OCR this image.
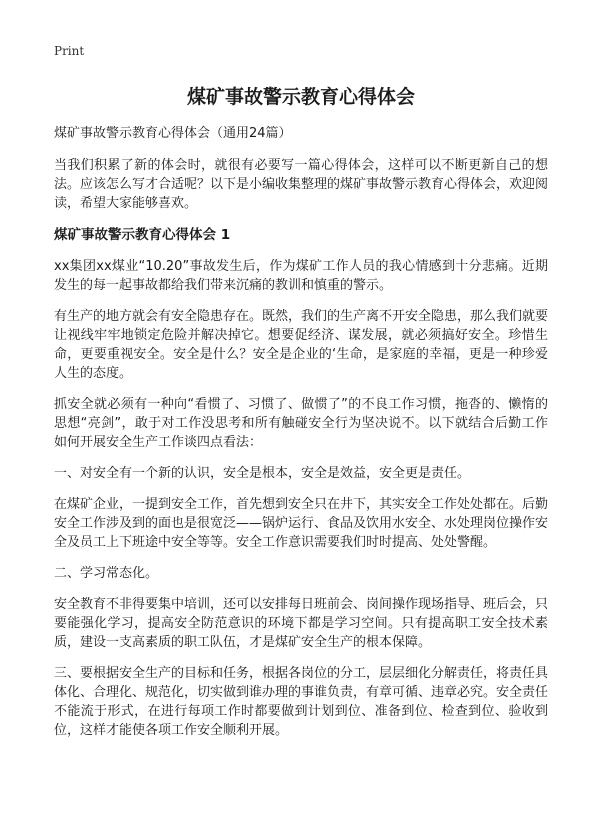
Print
煤矿事故警示教育心得体会
煤矿事故警示教育心得体会（通用24篇）

当我们积累了新的体会时，就很有必要写一篇心得体会，这样可以不断更新自己的想法。应该怎么写才合适呢？以下是小编收集整理的煤矿事故警示教育心得体会，欢迎阅读，希望大家能够喜欢。

煤矿事故警示教育心得体会 1

xx集团xx煤业“10.20”事故发生后，作为煤矿工作人员的我心情感到十分悲痛。近期发生的每一起事故都给我们带来沉痛的教训和慎重的警示。

有生产的地方就会有安全隐患存在。既然，我们的生产离不开安全隐患，那么我们就要让视线牢牢地锁定危险并解决掉它。想要促经济、谋发展，就必须搞好安全。珍惜生命，更要重视安全。安全是什么？安全是企业的‘生命，是家庭的幸福，更是一种珍爱人生的态度。

抓安全就必须有一种向“看惯了、习惯了、做惯了”的不良工作习惯，拖沓的、懒惰的思想“亮剑”，敢于对工作没思考和所有触碰安全行为坚决说不。以下就结合后勤工作如何开展安全生产工作谈四点看法：

一、对安全有一个新的认识，安全是根本，安全是效益，安全更是责任。

在煤矿企业，一提到安全工作，首先想到安全只在井下，其实安全工作处处都在。后勤安全工作涉及到的面也是很宽泛——锅炉运行、食品及饮用水安全、水处理岗位操作安全及员工上下班途中安全等等。安全工作意识需要我们时时提高、处处警醒。

二、学习常态化。

安全教育不非得要集中培训，还可以安排每日班前会、岗间操作现场指导、班后会，只要能强化学习，提高安全防范意识的环境下都是学习空间。只有提高职工安全技术素质，建设一支高素质的职工队伍，才是煤矿安全生产的根本保障。

三、要根据安全生产的目标和任务，根据各岗位的分工，层层细化分解责任，将责任具体化、合理化、规范化，切实做到谁办理的事谁负责，有章可循、违章必究。安全责任不能流于形式，在进行每项工作时都要做到计划到位、准备到位、检查到位、验收到位，这样才能使各项工作安全顺利开展。
